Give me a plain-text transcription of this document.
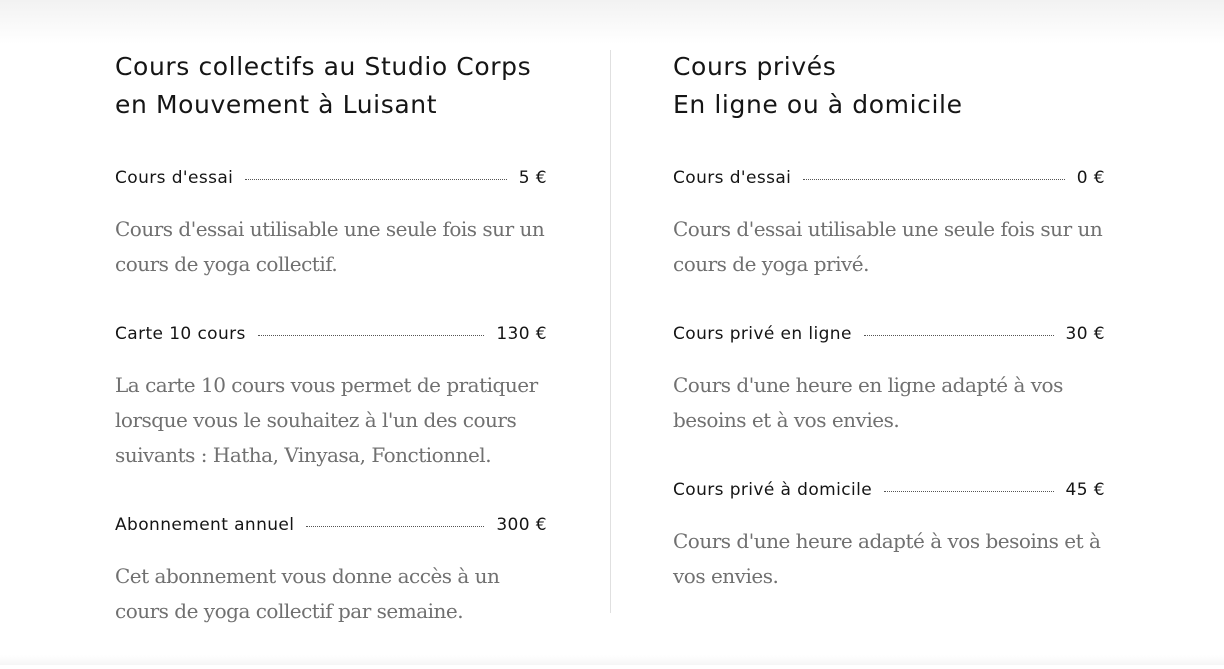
Cours collectifs au Studio Corps
en Mouvement à Luisant
Cours d'essai	5 €

Cours d'essai utilisable une seule fois sur un cours de yoga collectif.

Carte 10 cours	130 €

La carte 10 cours vous permet de pratiquer lorsque vous le souhaitez à l'un des cours suivants : Hatha, Vinyasa, Fonctionnel.

Abonnement annuel	300 €

Cet abonnement vous donne accès à un cours de yoga collectif par semaine.

Cours privés
En ligne ou à domicile
Cours d'essai	0 €

Cours d'essai utilisable une seule fois sur un cours de yoga privé.

Cours privé en ligne	30 €

Cours d'une heure en ligne adapté à vos besoins et à vos envies.

Cours privé à domicile	45 €

Cours d'une heure adapté à vos besoins et à vos envies.
